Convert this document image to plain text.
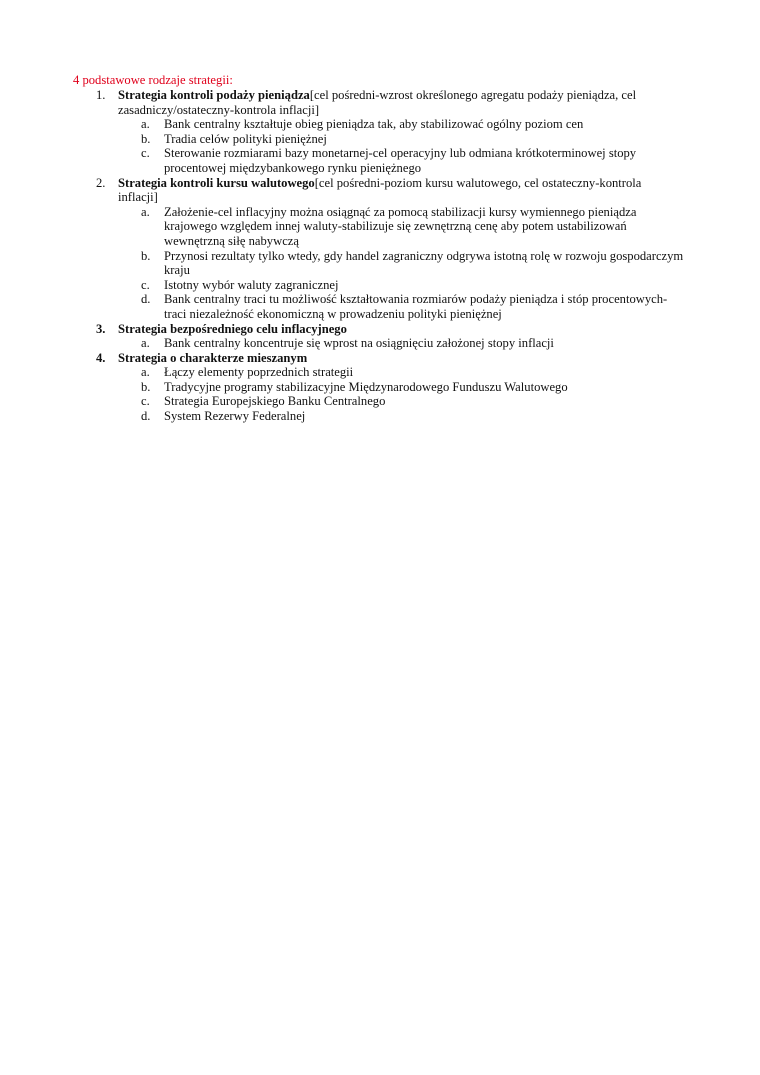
4 podstawowe rodzaje strategii:
1. Strategia kontroli podaży pieniądza[cel pośredni-wzrost określonego agregatu podaży pieniądza, cel zasadniczy/ostateczny-kontrola inflacji]
a. Bank centralny kształtuje obieg pieniądza tak, aby stabilizować ogólny poziom cen
b. Tradia celów polityki pieniężnej
c. Sterowanie rozmiarami bazy monetarnej-cel operacyjny lub odmiana krótkoterminowej stopy procentowej międzybankowego rynku pieniężnego
2. Strategia kontroli kursu walutowego[cel pośredni-poziom kursu walutowego, cel ostateczny-kontrola inflacji]
a. Założenie-cel inflacyjny można osiągnąć za pomocą stabilizacji kursy wymiennego pieniądza krajowego względem innej waluty-stabilizuje się zewnętrzną cenę aby potem ustabilizowań wewnętrzną siłę nabywczą
b. Przynosi rezultaty tylko wtedy, gdy handel zagraniczny odgrywa istotną rolę w rozwoju gospodarczym kraju
c. Istotny wybór waluty zagranicznej
d. Bank centralny traci tu możliwość kształtowania rozmiarów podaży pieniądza i stóp procentowych-traci niezależność ekonomiczną w prowadzeniu polityki pieniężnej
3. Strategia bezpośredniego celu inflacyjnego
a. Bank centralny koncentruje się wprost na osiągnięciu założonej stopy inflacji
4. Strategia o charakterze mieszanym
a. Łączy elementy poprzednich strategii
b. Tradycyjne programy stabilizacyjne Międzynarodowego Funduszu Walutowego
c. Strategia Europejskiego Banku Centralnego
d. System Rezerwy Federalnej
